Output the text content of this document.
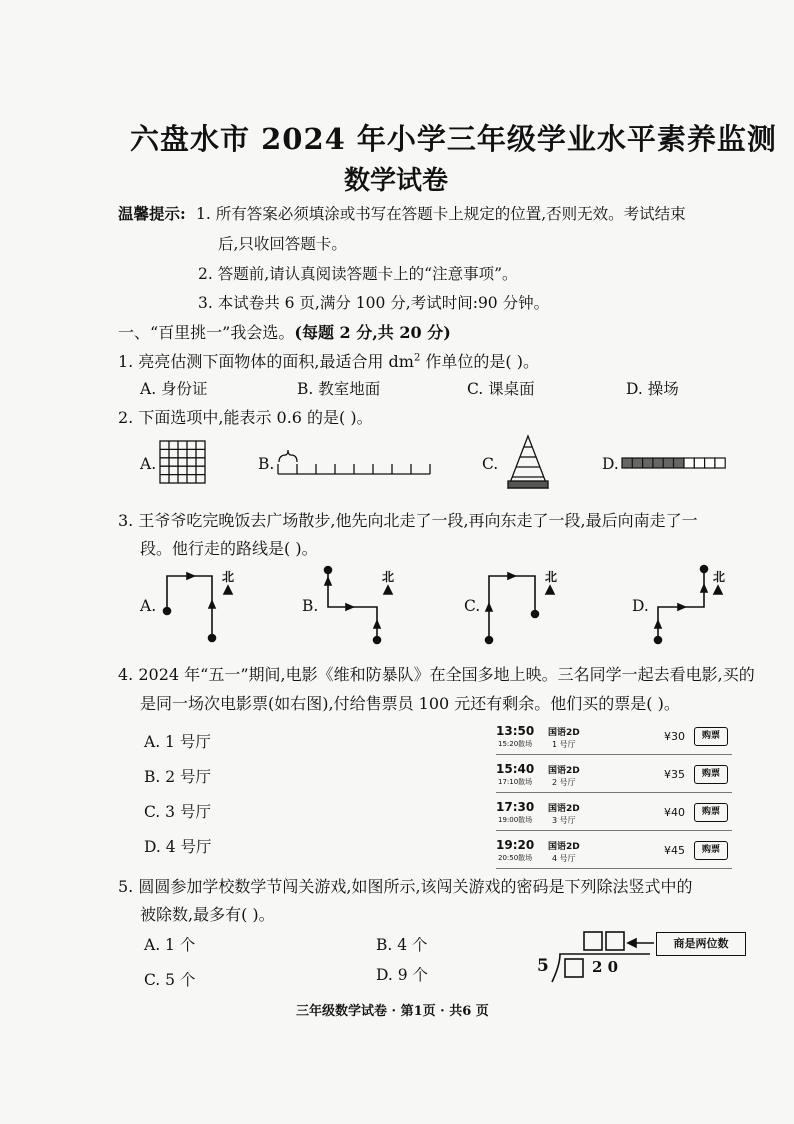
六盘水市 2024 年小学三年级学业水平素养监测
数学试卷
温馨提示: 1. 所有答案必须填涂或书写在答题卡上规定的位置,否则无效。考试结束
后,只收回答题卡。
2. 答题前,请认真阅读答题卡上的“注意事项”。
3. 本试卷共 6 页,满分 100 分,考试时间:90 分钟。
一、“百里挑一”我会选。(每题 2 分,共 20 分)
1. 亮亮估测下面物体的面积,最适合用 $dm^2$ 作单位的是( )。
A. 身份证	B. 教室地面	C. 课桌面	D. 操场
2. 下面选项中,能表示 0.6 的是( )。
A.	B.	C.	D.
3. 王爷爷吃完晚饭去广场散步,他先向北走了一段,再向东走了一段,最后向南走了一
段。他行走的路线是( )。
A.	B.	C.	D.
北	北	北	北
4. 2024 年“五一”期间,电影《维和防暴队》在全国多地上映。三名同学一起去看电影,买的
是同一场次电影票(如右图),付给售票员 100 元还有剩余。他们买的票是( )。
A. 1 号厅
B. 2 号厅
C. 3 号厅
D. 4 号厅
13:50
15:20散场
国语2D
1 号厅
¥30	购票
15:40
17:10散场
国语2D
2 号厅
¥35	购票
17:30
19:00散场
国语2D
3 号厅
¥40	购票
19:20
20:50散场
国语2D
4 号厅
¥45	购票
5. 圆圆参加学校数学节闯关游戏,如图所示,该闯关游戏的密码是下列除法竖式中的
被除数,最多有( )。
A. 1 个	B. 4 个
C. 5 个	D. 9 个	5	2 0
商是两位数
三年级数学试卷 · 第1页 · 共6 页
